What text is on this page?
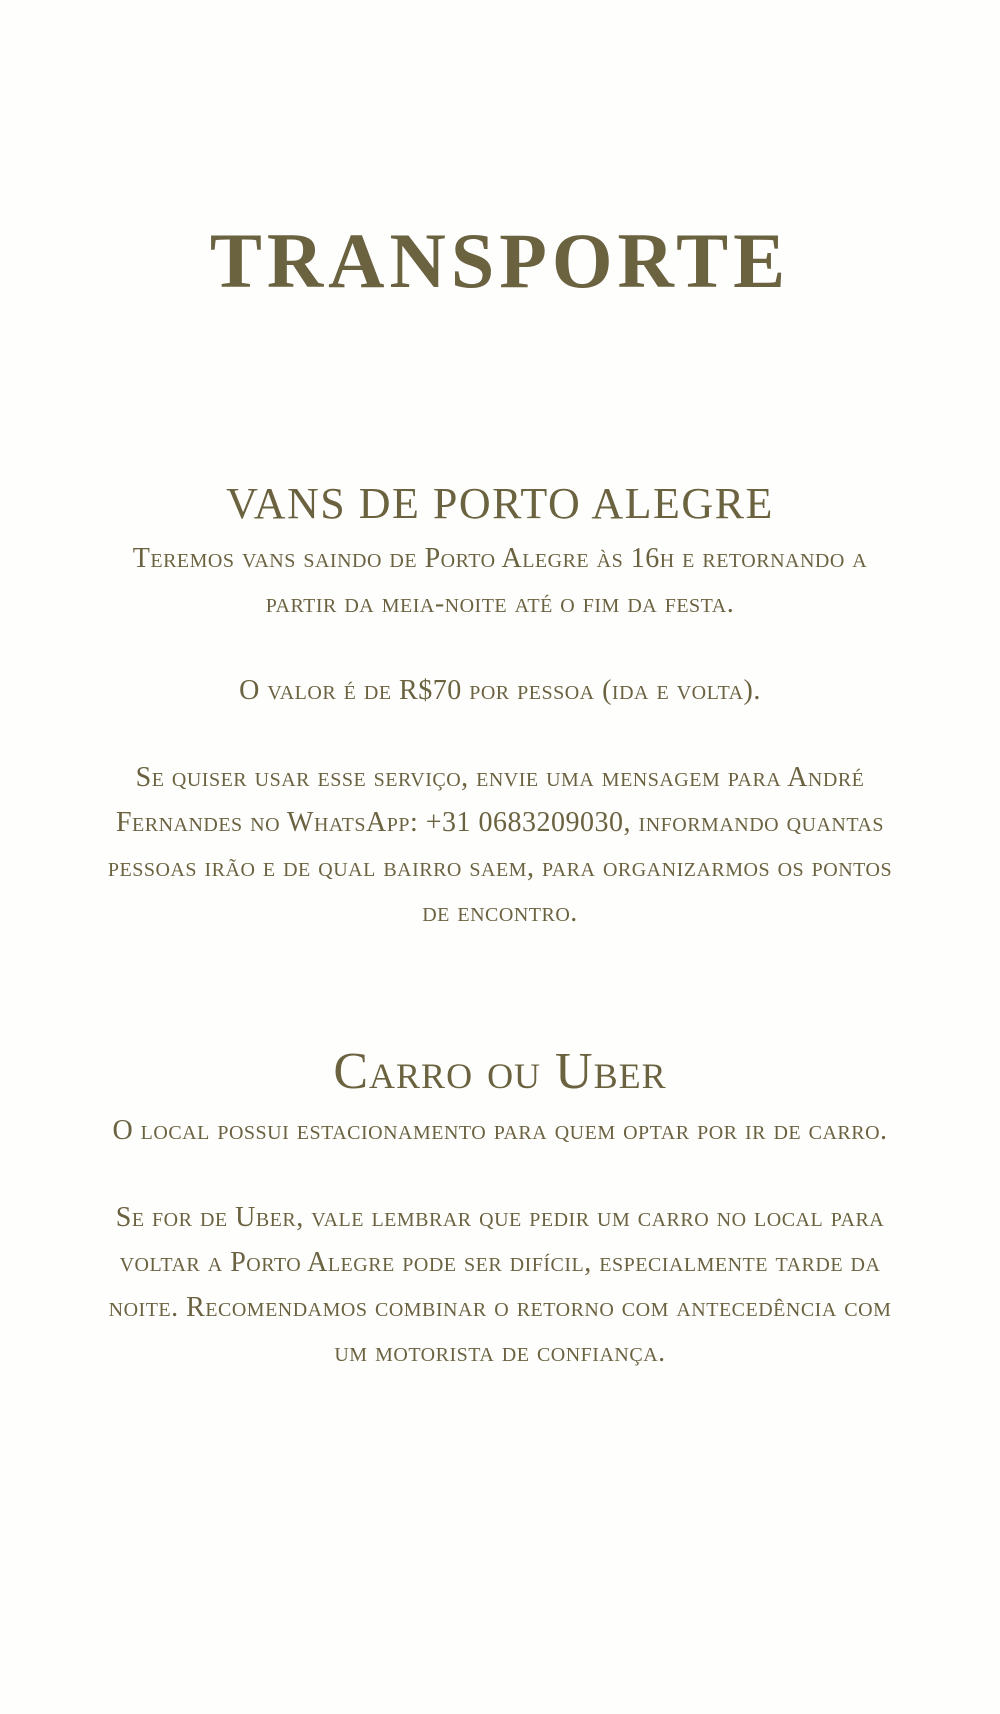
TRANSPORTE
VANS DE PORTO ALEGRE

Teremos vans saindo de Porto Alegre às 16h e retornando a partir da meia-noite até o fim da festa.

O valor é de R$70 por pessoa (ida e volta).

Se quiser usar esse serviço, envie uma mensagem para André Fernandes no WhatsApp: +31 0683209030, informando quantas pessoas irão e de qual bairro saem, para organizarmos os pontos de encontro.

Carro ou Uber

O local possui estacionamento para quem optar por ir de carro.

Se for de Uber, vale lembrar que pedir um carro no local para voltar a Porto Alegre pode ser difícil, especialmente tarde da noite. Recomendamos combinar o retorno com antecedência com um motorista de confiança.
